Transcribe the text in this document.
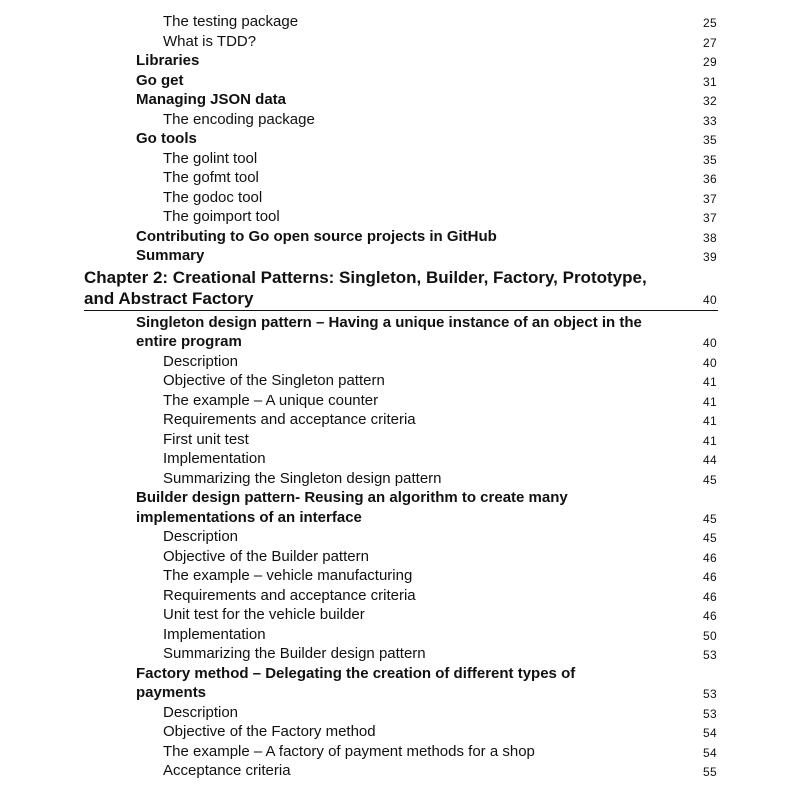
The testing package	25
What is TDD?	27
Libraries	29
Go get	31
Managing JSON data	32
The encoding package	33
Go tools	35
The golint tool	35
The gofmt tool	36
The godoc tool	37
The goimport tool	37
Contributing to Go open source projects in GitHub	38
Summary	39
Chapter 2: Creational Patterns: Singleton, Builder, Factory, Prototype,
and Abstract Factory	40
Singleton design pattern – Having a unique instance of an object in the
entire program	40
Description	40
Objective of the Singleton pattern	41
The example – A unique counter	41
Requirements and acceptance criteria	41
First unit test	41
Implementation	44
Summarizing the Singleton design pattern	45
Builder design pattern- Reusing an algorithm to create many
implementations of an interface	45
Description	45
Objective of the Builder pattern	46
The example – vehicle manufacturing	46
Requirements and acceptance criteria	46
Unit test for the vehicle builder	46
Implementation	50
Summarizing the Builder design pattern	53
Factory method – Delegating the creation of different types of
payments	53
Description	53
Objective of the Factory method	54
The example – A factory of payment methods for a shop	54
Acceptance criteria	55
